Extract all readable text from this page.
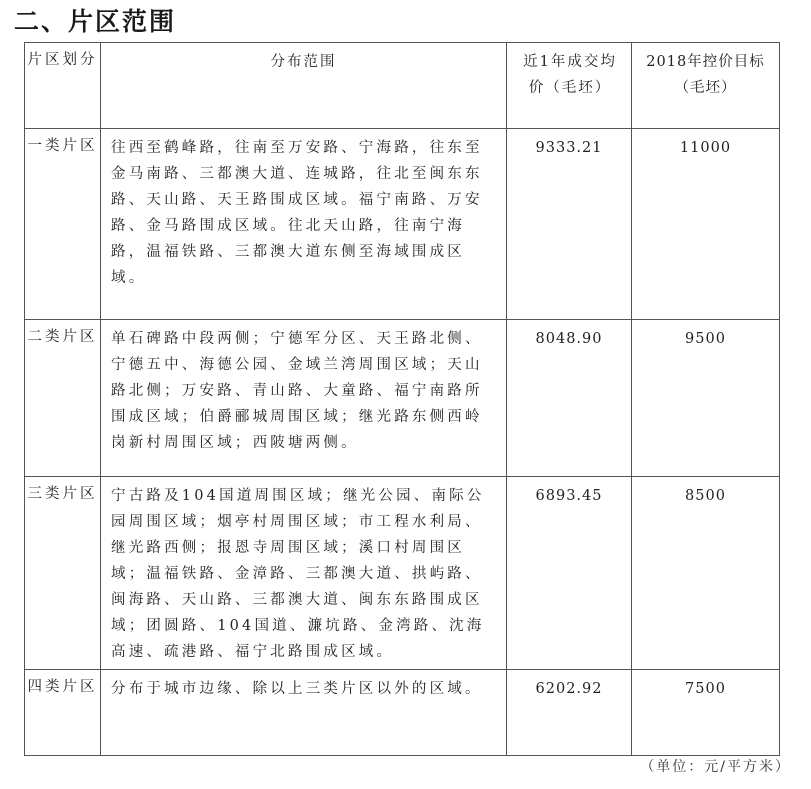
二、片区范围
片区划分	分布范围	近1年成交均价（毛坯）	2018年控价目标（毛坯）
一类片区	往西至鹤峰路，往南至万安路、宁海路，往东至金马南路、三都澳大道、连城路，往北至闽东东路、天山路、天王路围成区域。福宁南路、万安路、金马路围成区域。往北天山路，往南宁海路，温福铁路、三都澳大道东侧至海域围成区域。	9333.21	11000
二类片区	单石碑路中段两侧；宁德军分区、天王路北侧、宁德五中、海德公园、金域兰湾周围区域；天山路北侧；万安路、青山路、大童路、福宁南路所围成区域；伯爵郦城周围区域；继光路东侧西岭岗新村周围区域；西陂塘两侧。	8048.90	9500
三类片区	宁古路及104国道周围区域；继光公园、南际公园周围区域；烟亭村周围区域；市工程水利局、继光路西侧；报恩寺周围区域；溪口村周围区域；温福铁路、金漳路、三都澳大道、拱屿路、闽海路、天山路、三都澳大道、闽东东路围成区域；团圆路、104国道、濂坑路、金湾路、沈海高速、疏港路、福宁北路围成区域。	6893.45	8500
四类片区	分布于城市边缘、除以上三类片区以外的区域。	6202.92	7500
（单位：元/平方米）
